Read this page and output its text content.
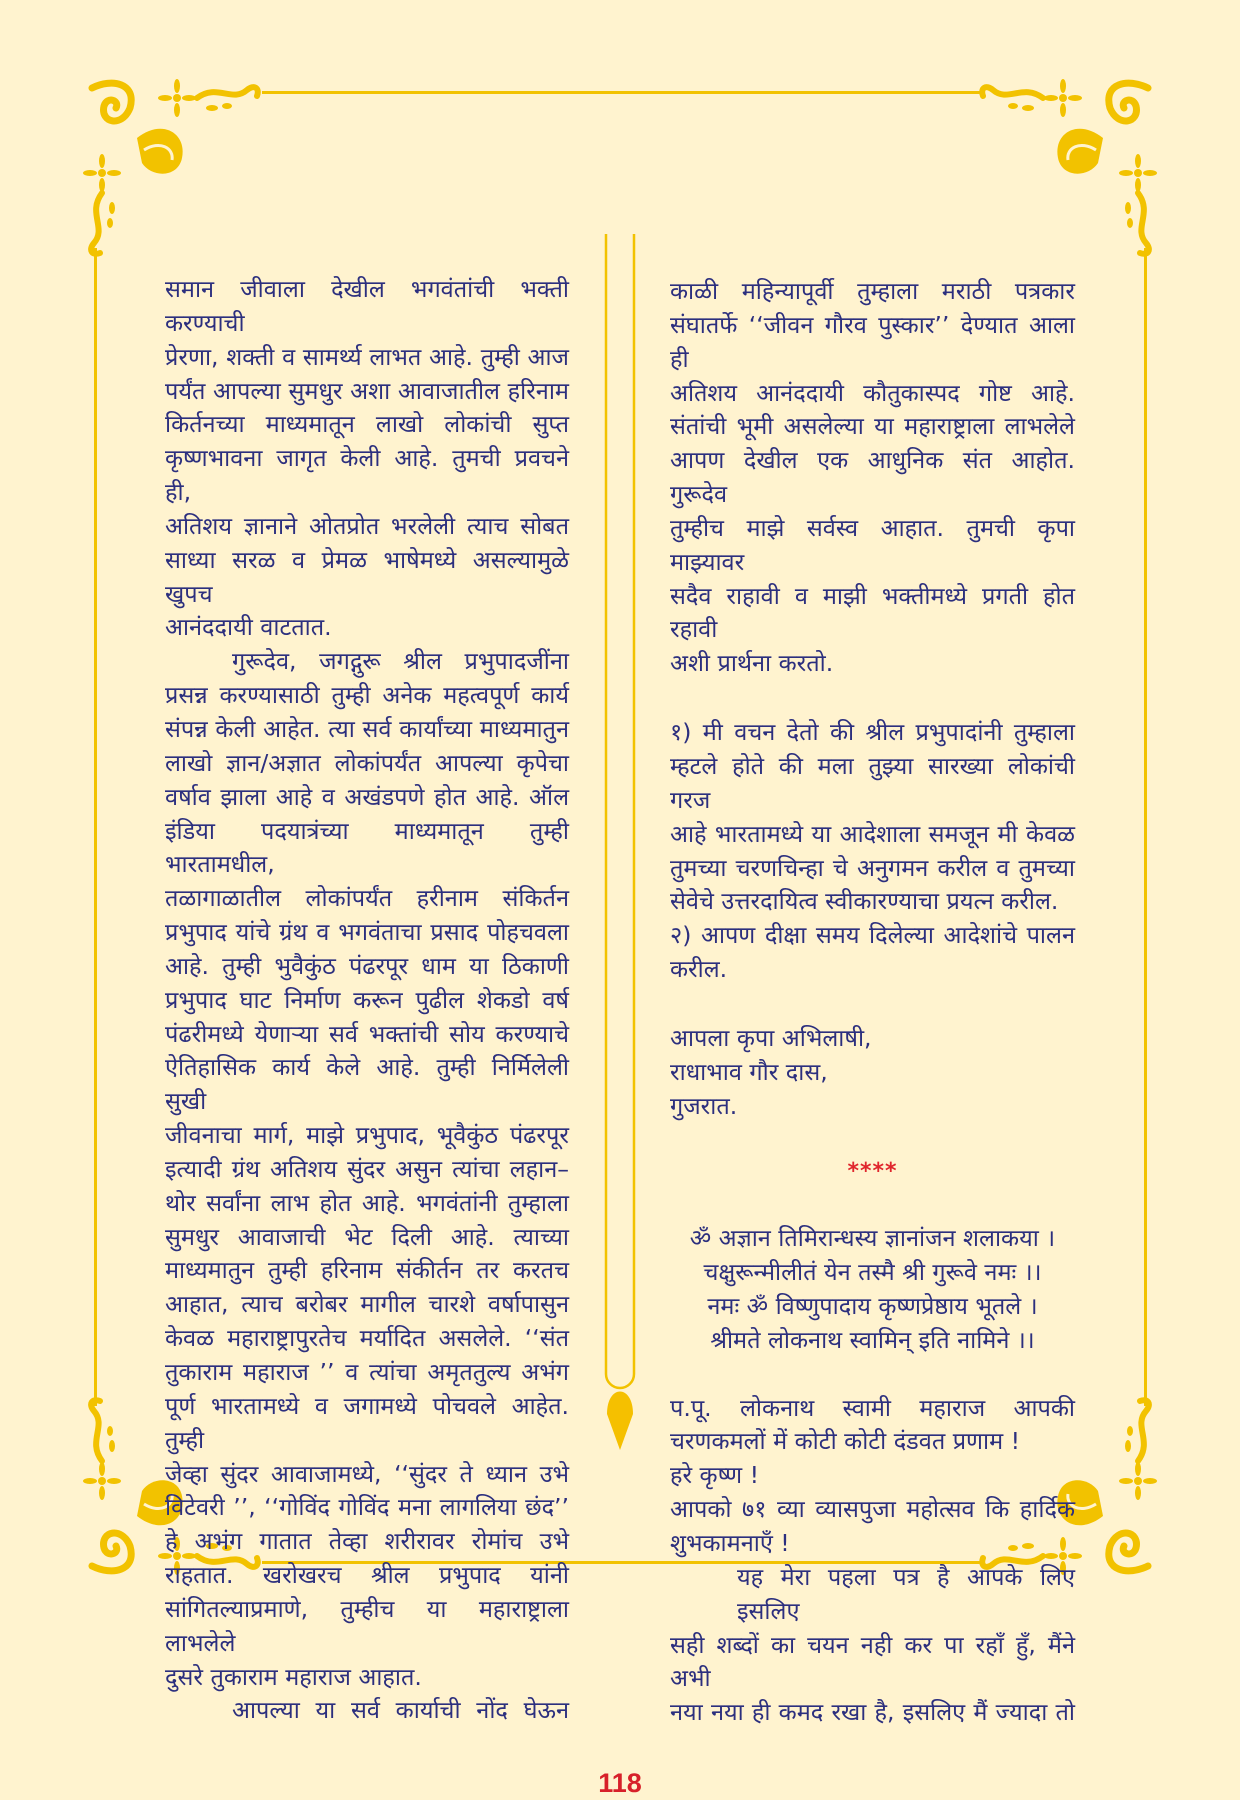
समान जीवाला देखील भगवंतांची भक्ती करण्याची
प्रेरणा, शक्ती व सामर्थ्य लाभत आहे. तुम्ही आज
पर्यंत आपल्या सुमधुर अशा आवाजातील हरिनाम
किर्तनच्या माध्यमातून लाखो लोकांची सुप्त
कृष्णभावना जागृत केली आहे. तुमची प्रवचने ही,
अतिशय ज्ञानाने ओतप्रोत भरलेली त्याच सोबत
साध्या सरळ व प्रेमळ भाषेमध्ये असल्यामुळे खुपच
आनंददायी वाटतात.
गुरूदेव, जगद्गुरू श्रील प्रभुपादजींना
प्रसन्न करण्यासाठी तुम्ही अनेक महत्वपूर्ण कार्य
संपन्न केली आहेत. त्या सर्व कार्यांच्या माध्यमातुन
लाखो ज्ञान/अज्ञात लोकांपर्यंत आपल्या कृपेचा
वर्षाव झाला आहे व अखंडपणे होत आहे. ऑल
इंडिया पदयात्रंच्या माध्यमातून तुम्ही भारतामधील,
तळागाळातील लोकांपर्यंत हरीनाम संकिर्तन
प्रभुपाद यांचे ग्रंथ व भगवंताचा प्रसाद पोहचवला
आहे. तुम्ही भुवैकुंठ पंढरपूर धाम या ठिकाणी
प्रभुपाद घाट निर्माण करून पुढील शेकडो वर्ष
पंढरीमध्ये येणाऱ्या सर्व भक्तांची सोय करण्याचे
ऐतिहासिक कार्य केले आहे. तुम्ही निर्मिलेली सुखी
जीवनाचा मार्ग, माझे प्रभुपाद, भूवैकुंठ पंढरपूर
इत्यादी ग्रंथ अतिशय सुंदर असुन त्यांचा लहान–
थोर सर्वांना लाभ होत आहे. भगवंतांनी तुम्हाला
सुमधुर आवाजाची भेट दिली आहे. त्याच्या
माध्यमातुन तुम्ही हरिनाम संकीर्तन तर करतच
आहात, त्याच बरोबर मागील चारशे वर्षापासुन
केवळ महाराष्ट्रापुरतेच मर्यादित असलेले. ‘‘संत
तुकाराम महाराज ’’ व त्यांचा अमृततुल्य अभंग
पूर्ण भारतामध्ये व जगामध्ये पोचवले आहेत. तुम्ही
जेव्हा सुंदर आवाजामध्ये, ‘‘सुंदर ते ध्यान उभे
विटेवरी ’’, ‘‘गोविंद गोविंद मना लागलिया छंद’’
हे अभंग गातात तेव्हा शरीरावर रोमांच उभे
राहतात. खरोखरच श्रील प्रभुपाद यांनी
सांगितल्याप्रमाणे, तुम्हीच या महाराष्ट्राला लाभलेले
दुसरे तुकाराम महाराज आहात.
आपल्या या सर्व कार्याची नोंद घेऊन
काळी महिन्यापूर्वी तुम्हाला मराठी पत्रकार
संघातर्फे ‘‘जीवन गौरव पुस्कार’’ देण्यात आला ही
अतिशय आनंददायी कौतुकास्पद गोष्ट आहे.
संतांची भूमी असलेल्या या महाराष्ट्राला लाभलेले
आपण देखील एक आधुनिक संत आहोत. गुरूदेव
तुम्हीच माझे सर्वस्व आहात. तुमची कृपा माझ्यावर
सदैव राहावी व माझी भक्तीमध्ये प्रगती होत रहावी
अशी प्रार्थना करतो.
१) मी वचन देतो की श्रील प्रभुपादांनी तुम्हाला
म्हटले होते की मला तुझ्या सारख्या लोकांची गरज
आहे भारतामध्ये या आदेशाला समजून मी केवळ
तुमच्या चरणचिन्हा चे अनुगमन करील व तुमच्या
सेवेचे उत्तरदायित्व स्वीकारण्याचा प्रयत्न करील.
२) आपण दीक्षा समय दिलेल्या आदेशांचे पालन
करील.
आपला कृपा अभिलाषी,
राधाभाव गौर दास,
गुजरात.
****
ॐ अज्ञान तिमिरान्धस्य ज्ञानांजन शलाकया ।
चक्षुरून्मीलीतं येन तस्मै श्री गुरूवे नमः ।।
नमः ॐ विष्णुपादाय कृष्णप्रेष्ठाय भूतले ।
श्रीमते लोकनाथ स्वामिन् इति नामिने ।।
प.पू. लोकनाथ स्वामी महाराज आपकी
चरणकमलों में कोटी कोटी दंडवत प्रणाम !
हरे कृष्ण !
आपको ७१ व्या व्यासपुजा महोत्सव कि हार्दिक
शुभकामनाएँ !
यह मेरा पहला पत्र है आपके लिए इसलिए
सही शब्दों का चयन नही कर पा रहाँ हुँ, मैंने अभी
नया नया ही कमद रखा है, इसलिए मैं ज्यादा तो
118
